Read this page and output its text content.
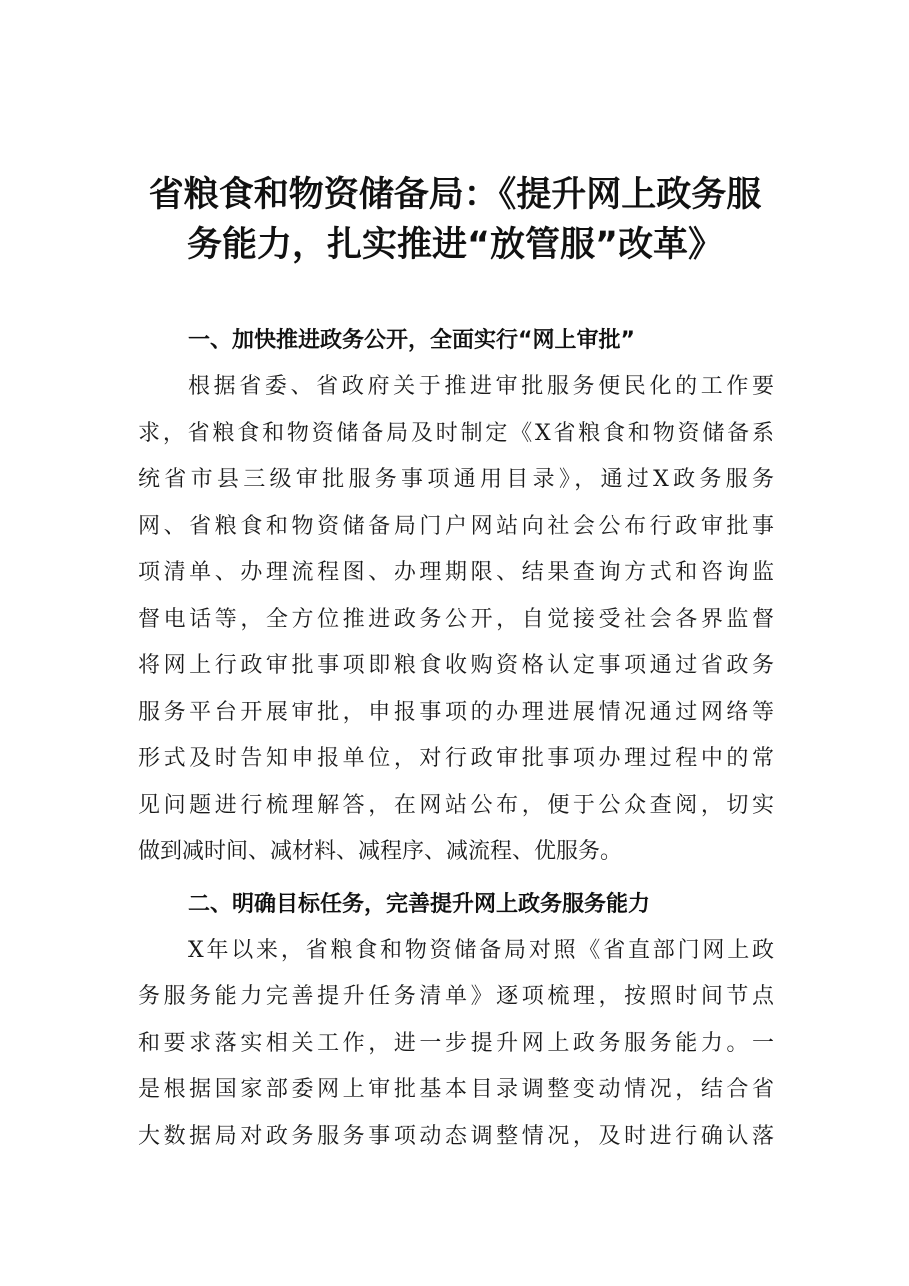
省粮食和物资储备局：《提升网上政务服
务能力，扎实推进“放管服”改革》
一、加快推进政务公开，全面实行“网上审批”
根据省委、省政府关于推进审批服务便民化的工作要
求，省粮食和物资储备局及时制定《X省粮食和物资储备系
统省市县三级审批服务事项通用目录》，通过X政务服务
网、省粮食和物资储备局门户网站向社会公布行政审批事
项清单、办理流程图、办理期限、结果查询方式和咨询监
督电话等，全方位推进政务公开，自觉接受社会各界监督
将网上行政审批事项即粮食收购资格认定事项通过省政务
服务平台开展审批，申报事项的办理进展情况通过网络等
形式及时告知申报单位，对行政审批事项办理过程中的常
见问题进行梳理解答，在网站公布，便于公众查阅，切实
做到减时间、减材料、减程序、减流程、优服务。
二、明确目标任务，完善提升网上政务服务能力
X年以来，省粮食和物资储备局对照《省直部门网上政
务服务能力完善提升任务清单》逐项梳理，按照时间节点
和要求落实相关工作，进一步提升网上政务服务能力。一
是根据国家部委网上审批基本目录调整变动情况，结合省
大数据局对政务服务事项动态调整情况，及时进行确认落
